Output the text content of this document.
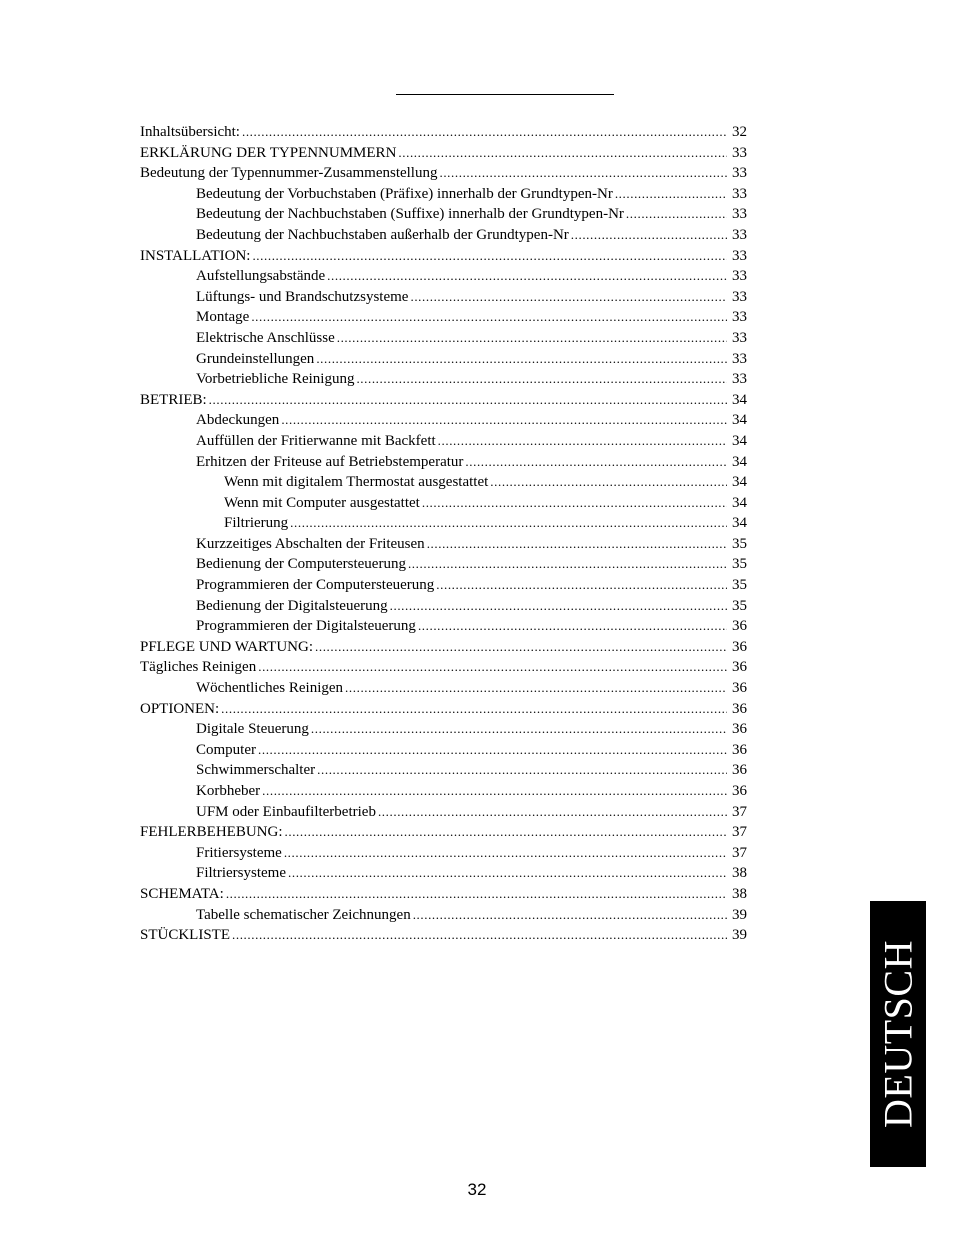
Inhaltsübersicht: .....	32
ERKLÄRUNG DER TYPENNUMMERN .....	33
Bedeutung der Typennummer-Zusammenstellung .....	33
Bedeutung der Vorbuchstaben (Präfixe) innerhalb der Grundtypen-Nr .....	33
Bedeutung der Nachbuchstaben (Suffixe) innerhalb der Grundtypen-Nr .....	33
Bedeutung der Nachbuchstaben außerhalb der Grundtypen-Nr .....	33
INSTALLATION: .....	33
Aufstellungsabstände .....	33
Lüftungs- und Brandschutzsysteme .....	33
Montage .....	33
Elektrische Anschlüsse .....	33
Grundeinstellungen .....	33
Vorbetriebliche Reinigung .....	33
BETRIEB: .....	34
Abdeckungen .....	34
Auffüllen der Fritierwanne mit Backfett .....	34
Erhitzen der Friteuse auf Betriebstemperatur .....	34
Wenn mit digitalem Thermostat ausgestattet .....	34
Wenn mit Computer ausgestattet .....	34
Filtrierung .....	34
Kurzzeitiges Abschalten der Friteusen .....	35
Bedienung der Computersteuerung .....	35
Programmieren der Computersteuerung .....	35
Bedienung der Digitalsteuerung .....	35
Programmieren der Digitalsteuerung .....	36
PFLEGE UND WARTUNG: .....	36
Tägliches Reinigen .....	36
Wöchentliches Reinigen .....	36
OPTIONEN: .....	36
Digitale Steuerung .....	36
Computer .....	36
Schwimmerschalter .....	36
Korbheber .....	36
UFM oder Einbaufilterbetrieb .....	37
FEHLERBEHEBUNG: .....	37
Fritiersysteme .....	37
Filtriersysteme .....	38
SCHEMATA: .....	38
Tabelle schematischer Zeichnungen .....	39
STÜCKLISTE .....	39
DEUTSCH
32
